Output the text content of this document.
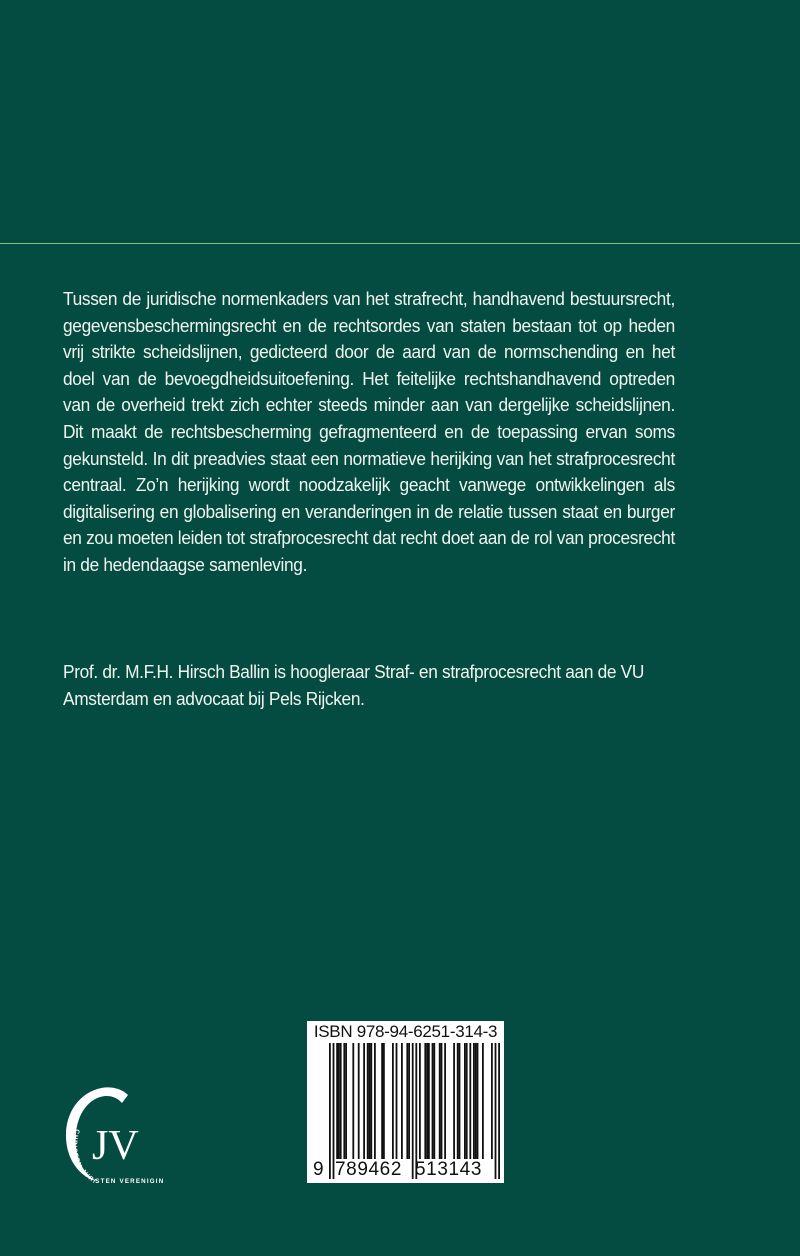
Tussen de juridische normenkaders van het strafrecht, handhavend bestuursrecht, gegevensbeschermingsrecht en de rechtsordes van staten bestaan tot op heden vrij strikte scheidslijnen, gedicteerd door de aard van de normschending en het doel van de bevoegdheidsuitoefening. Het feitelijke rechtshandhavend optreden van de overheid trekt zich echter steeds minder aan van dergelijke scheidslijnen. Dit maakt de rechtsbescherming gefragmenteerd en de toepassing ervan soms gekunsteld. In dit preadvies staat een normatieve herijking van het strafprocesrecht centraal. Zo’n herijking wordt noodzakelijk geacht vanwege ontwikkelingen als digitalisering en globalisering en veranderingen in de relatie tussen staat en burger en zou moeten leiden tot strafprocesrecht dat recht doet aan de rol van procesrecht in de hedendaagse samenleving.

Prof. dr. M.F.H. Hirsch Ballin is hoogleraar Straf- en strafprocesrecht aan de VU Amsterdam en advocaat bij Pels Rijcken.

ISBN 978-94-6251-314-3
9 789462 513143
JV
CHRISTEN JURISTEN VERENIGIN
